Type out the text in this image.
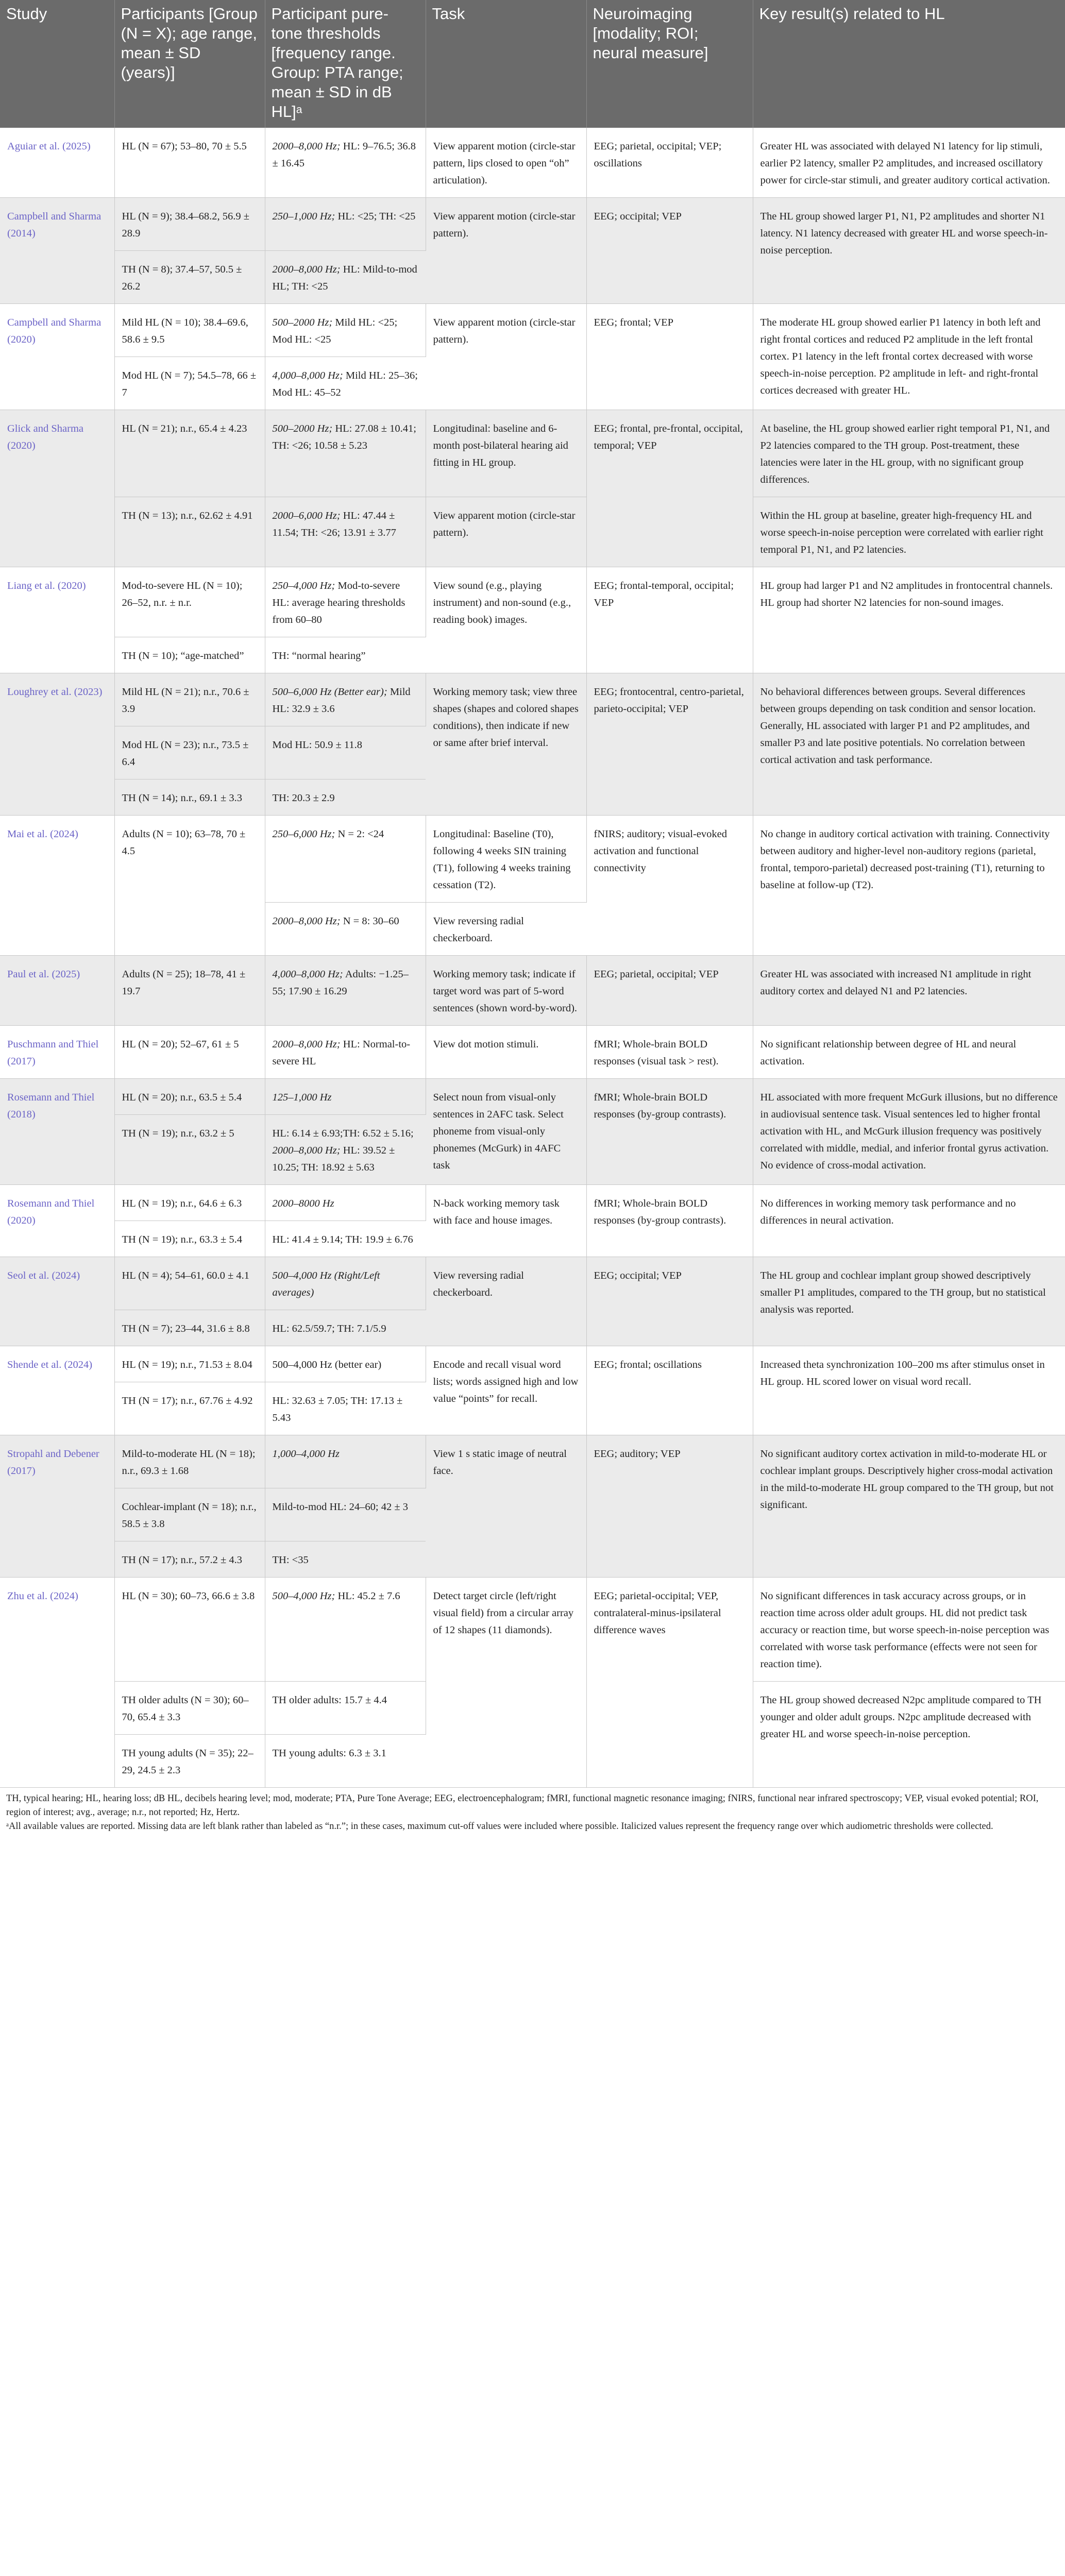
Study	Participants [Group (N = X); age range, mean ± SD (years)]	Participant pure-tone thresholds [frequency range. Group: PTA range; mean ± SD in dB HL]ᵃ	Task	Neuroimaging [modality; ROI; neural measure]	Key result(s) related to HL
Aguiar et al. (2025)	HL (N = 67); 53–80, 70 ± 5.5	2000–8,000 Hz; HL: 9–76.5; 36.8 ± 16.45	View apparent motion (circle-star pattern, lips closed to open “oh” articulation).	EEG; parietal, occipital; VEP; oscillations	Greater HL was associated with delayed N1 latency for lip stimuli, earlier P2 latency, smaller P2 amplitudes, and increased oscillatory power for circle-star stimuli, and greater auditory cortical activation.
Campbell and Sharma (2014)	HL (N = 9); 38.4–68.2, 56.9 ± 28.9	250–1,000 Hz; HL: <25; TH: <25	View apparent motion (circle-star pattern).	EEG; occipital; VEP	The HL group showed larger P1, N1, P2 amplitudes and shorter N1 latency. N1 latency decreased with greater HL and worse speech-in-noise perception.
	TH (N = 8); 37.4–57, 50.5 ± 26.2	2000–8,000 Hz; HL: Mild-to-mod HL; TH: <25			
Campbell and Sharma (2020)	Mild HL (N = 10); 38.4–69.6, 58.6 ± 9.5	500–2000 Hz; Mild HL: <25; Mod HL: <25	View apparent motion (circle-star pattern).	EEG; frontal; VEP	The moderate HL group showed earlier P1 latency in both left and right frontal cortices and reduced P2 amplitude in the left frontal cortex. P1 latency in the left frontal cortex decreased with worse speech-in-noise perception. P2 amplitude in left- and right-frontal cortices decreased with greater HL.
	Mod HL (N = 7); 54.5–78, 66 ± 7	4,000–8,000 Hz; Mild HL: 25–36; Mod HL: 45–52			
Glick and Sharma (2020)	HL (N = 21); n.r., 65.4 ± 4.23	500–2000 Hz; HL: 27.08 ± 10.41; TH: <26; 10.58 ± 5.23	Longitudinal: baseline and 6-month post-bilateral hearing aid fitting in HL group.	EEG; frontal, pre-frontal, occipital, temporal; VEP	At baseline, the HL group showed earlier right temporal P1, N1, and P2 latencies compared to the TH group. Post-treatment, these latencies were later in the HL group, with no significant group differences.
	TH (N = 13); n.r., 62.62 ± 4.91	2000–6,000 Hz; HL: 47.44 ± 11.54; TH: <26; 13.91 ± 3.77	View apparent motion (circle-star pattern).		Within the HL group at baseline, greater high-frequency HL and worse speech-in-noise perception were correlated with earlier right temporal P1, N1, and P2 latencies.
Liang et al. (2020)	Mod-to-severe HL (N = 10); 26–52, n.r. ± n.r.	250–4,000 Hz; Mod-to-severe HL: average hearing thresholds from 60–80	View sound (e.g., playing instrument) and non-sound (e.g., reading book) images.	EEG; frontal-temporal, occipital; VEP	HL group had larger P1 and N2 amplitudes in frontocentral channels. HL group had shorter N2 latencies for non-sound images.
	TH (N = 10); “age-matched”	TH: “normal hearing”			
Loughrey et al. (2023)	Mild HL (N = 21); n.r., 70.6 ± 3.9	500–6,000 Hz (Better ear); Mild HL: 32.9 ± 3.6	Working memory task; view three shapes (shapes and colored shapes conditions), then indicate if new or same after brief interval.	EEG; frontocentral, centro-parietal, parieto-occipital; VEP	No behavioral differences between groups. Several differences between groups depending on task condition and sensor location. Generally, HL associated with larger P1 and P2 amplitudes, and smaller P3 and late positive potentials. No correlation between cortical activation and task performance.
	Mod HL (N = 23); n.r., 73.5 ± 6.4	Mod HL: 50.9 ± 11.8			
	TH (N = 14); n.r., 69.1 ± 3.3	TH: 20.3 ± 2.9			
Mai et al. (2024)	Adults (N = 10); 63–78, 70 ± 4.5	250–6,000 Hz; N = 2: <24	Longitudinal: Baseline (T0), following 4 weeks SIN training (T1), following 4 weeks training cessation (T2).	fNIRS; auditory; visual-evoked activation and functional connectivity	No change in auditory cortical activation with training. Connectivity between auditory and higher-level non-auditory regions (parietal, frontal, temporo-parietal) decreased post-training (T1), returning to baseline at follow-up (T2).
		2000–8,000 Hz; N = 8: 30–60	View reversing radial checkerboard.		
Paul et al. (2025)	Adults (N = 25); 18–78, 41 ± 19.7	4,000–8,000 Hz; Adults: −1.25–55; 17.90 ± 16.29	Working memory task; indicate if target word was part of 5-word sentences (shown word-by-word).	EEG; parietal, occipital; VEP	Greater HL was associated with increased N1 amplitude in right auditory cortex and delayed N1 and P2 latencies.
Puschmann and Thiel (2017)	HL (N = 20); 52–67, 61 ± 5	2000–8,000 Hz; HL: Normal-to-severe HL	View dot motion stimuli.	fMRI; Whole-brain BOLD responses (visual task > rest).	No significant relationship between degree of HL and neural activation.
Rosemann and Thiel (2018)	HL (N = 20); n.r., 63.5 ± 5.4	125–1,000 Hz	Select noun from visual-only sentences in 2AFC task. Select phoneme from visual-only phonemes (McGurk) in 4AFC task	fMRI; Whole-brain BOLD responses (by-group contrasts).	HL associated with more frequent McGurk illusions, but no difference in audiovisual sentence task. Visual sentences led to higher frontal activation with HL, and McGurk illusion frequency was positively correlated with middle, medial, and inferior frontal gyrus activation. No evidence of cross-modal activation.
	TH (N = 19); n.r., 63.2 ± 5	HL: 6.14 ± 6.93;TH: 6.52 ± 5.16; 2000–8,000 Hz; HL: 39.52 ± 10.25; TH: 18.92 ± 5.63			
Rosemann and Thiel (2020)	HL (N = 19); n.r., 64.6 ± 6.3	2000–8000 Hz	N-back working memory task with face and house images.	fMRI; Whole-brain BOLD responses (by-group contrasts).	No differences in working memory task performance and no differences in neural activation.
	TH (N = 19); n.r., 63.3 ± 5.4	HL: 41.4 ± 9.14; TH: 19.9 ± 6.76			
Seol et al. (2024)	HL (N = 4); 54–61, 60.0 ± 4.1	500–4,000 Hz (Right/Left averages)	View reversing radial checkerboard.	EEG; occipital; VEP	The HL group and cochlear implant group showed descriptively smaller P1 amplitudes, compared to the TH group, but no statistical analysis was reported.
	TH (N = 7); 23–44, 31.6 ± 8.8	HL: 62.5/59.7; TH: 7.1/5.9			
Shende et al. (2024)	HL (N = 19); n.r., 71.53 ± 8.04	500–4,000 Hz (better ear)	Encode and recall visual word lists; words assigned high and low value “points” for recall.	EEG; frontal; oscillations	Increased theta synchronization 100–200 ms after stimulus onset in HL group. HL scored lower on visual word recall.
	TH (N = 17); n.r., 67.76 ± 4.92	HL: 32.63 ± 7.05; TH: 17.13 ± 5.43			
Stropahl and Debener (2017)	Mild-to-moderate HL (N = 18); n.r., 69.3 ± 1.68	1,000–4,000 Hz	View 1 s static image of neutral face.	EEG; auditory; VEP	No significant auditory cortex activation in mild-to-moderate HL or cochlear implant groups. Descriptively higher cross-modal activation in the mild-to-moderate HL group compared to the TH group, but not significant.
	Cochlear-implant (N = 18); n.r., 58.5 ± 3.8	Mild-to-mod HL: 24–60; 42 ± 3			
	TH (N = 17); n.r., 57.2 ± 4.3	TH: <35			
Zhu et al. (2024)	HL (N = 30); 60–73, 66.6 ± 3.8	500–4,000 Hz; HL: 45.2 ± 7.6	Detect target circle (left/right visual field) from a circular array of 12 shapes (11 diamonds).	EEG; parietal-occipital; VEP, contralateral-minus-ipsilateral difference waves	No significant differences in task accuracy across groups, or in reaction time across older adult groups. HL did not predict task accuracy or reaction time, but worse speech-in-noise perception was correlated with worse task performance (effects were not seen for reaction time).
	TH older adults (N = 30); 60–70, 65.4 ± 3.3	TH older adults: 15.7 ± 4.4			The HL group showed decreased N2pc amplitude compared to TH younger and older adult groups. N2pc amplitude decreased with greater HL and worse speech-in-noise perception.
	TH young adults (N = 35); 22–29, 24.5 ± 2.3	TH young adults: 6.3 ± 3.1			

TH, typical hearing; HL, hearing loss; dB HL, decibels hearing level; mod, moderate; PTA, Pure Tone Average; EEG, electroencephalogram; fMRI, functional magnetic resonance imaging; fNIRS, functional near infrared spectroscopy; VEP, visual evoked potential; ROI, region of interest; avg., average; n.r., not reported; Hz, Hertz.

ᵃAll available values are reported. Missing data are left blank rather than labeled as “n.r.”; in these cases, maximum cut-off values were included where possible. Italicized values represent the frequency range over which audiometric thresholds were collected.
